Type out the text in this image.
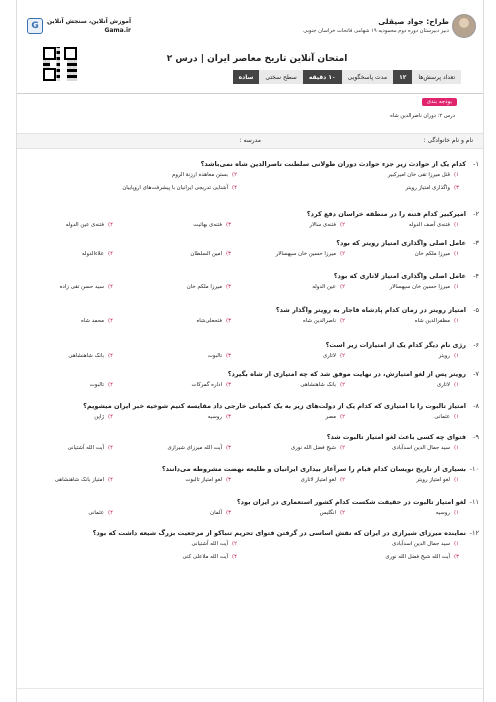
طراح: جواد صیقلی
دبیر دبیرستان دوره دوم محمودیه ۱۹ شهامی فاتحات خراسان جنوبی
آموزش آنلاین، سنجش آنلاین
Gama.ir
G
امتحان آنلاین تاریخ معاصر ایران | درس ۲
تعداد پرسش‌ها
۱۲
مدت پاسخگویی
۱۰ دقیقه
سطح سختی
ساده
بودجه بندی
درس ۲: دوران ناصرالدین شاه
نام و نام خانوادگی :
مدرسه :
۱-
کدام یک از حوادث زیر جزء حوادث دوران طولانی سلطنت ناصرالدین شاه نمی‌باشد؟
۱)
قتل میرزا تقی خان امیرکبیر
۲)
بستن معاهده ارزنة الروم
۳)
واگذاری امتیاز رویتر
۴)
آشنایی تدریجی ایرانیان با پیشرفت‌های اروپاییان
۲-
امیرکبیر کدام فتنه را در منطقه خراسان دفع کرد؟
۱)
فتنه‌ی آصف الدوله
۲)
فتنه‌ی سالار
۳)
فتنه‌ی بهائیت
۴)
فتنه‌ی عین الدوله
۳-
عامل اصلی واگذاری امتیاز رویتر که بود؟
۱)
میرزا ملکم خان
۲)
میرزا حسین خان سپهسالار
۳)
امین السلطان
۴)
علاءالدوله
۴-
عامل اصلی واگذاری امتیاز لاتاری که بود؟
۱)
میرزا حسین خان سپهسالار
۲)
عین الدوله
۳)
میرزا ملکم خان
۴)
سید حسن تقی زاده
۵-
امتیاز رویتر در زمان کدام پادشاه قاجار به رویتر واگذار شد؟
۱)
مظفرالدین شاه
۲)
ناصرالدین شاه
۳)
فتحعلی‌شاه
۴)
محمد شاه
۶-
رژی نام دیگر کدام یک از امتیازات زیر است؟
۱)
رویتر
۲)
لاتاری
۳)
تالبوت
۴)
بانک شاهنشاهی
۷-
رویتر پس از لغو امتیازش، در نهایت موفق شد که چه امتیازی از شاه بگیرد؟
۱)
لاتاری
۲)
بانک شاهنشاهی
۳)
اداره گمرکات
۴)
تالبوت
۸-
امتیاز تالبوت را با امتیازی که کدام یک از دولت‌های زیر به یک کمپانی خارجی داد مقایسه کنیم شوخیه خبر ایران میشویم؟
۱)
عثمانی
۲)
مصر
۳)
روسیه
۴)
ژاپن
۹-
فتوای چه کسی باعث لغو امتیاز تالبوت شد؟
۱)
سید جمال الدین اسدآبادی
۲)
شیخ فضل الله نوری
۳)
آیت الله میرزای شیرازی
۴)
آیت الله آشتیانی
۱۰-
بسیاری از تاریخ نویسان کدام قیام را سرآغاز بیداری ایرانیان و طلیعه نهضت مشروطه می‌دانند؟
۱)
لغو امتیاز رویتر
۲)
لغو امتیاز لاتاری
۳)
لغو امتیاز تالبوت
۴)
امتیاز بانک شاهنشاهی
۱۱-
لغو امتیاز تالبوت در حقیقت شکست کدام کشور استعماری در ایران بود؟
۱)
روسیه
۲)
انگلیس
۳)
آلمان
۴)
عثمانی
۱۲-
نماینده میرزای شیرازی در ایران که نقش اساسی در گرفتن فتوای تحریم تنباکو از مرجعیت بزرگ شیعه داشت که بود؟
۱)
سید جمال الدین اسدآبادی
۲)
آیت الله آشتیانی
۳)
آیت الله شیخ فضل الله نوری
۴)
آیت الله ملاعلی کنی
